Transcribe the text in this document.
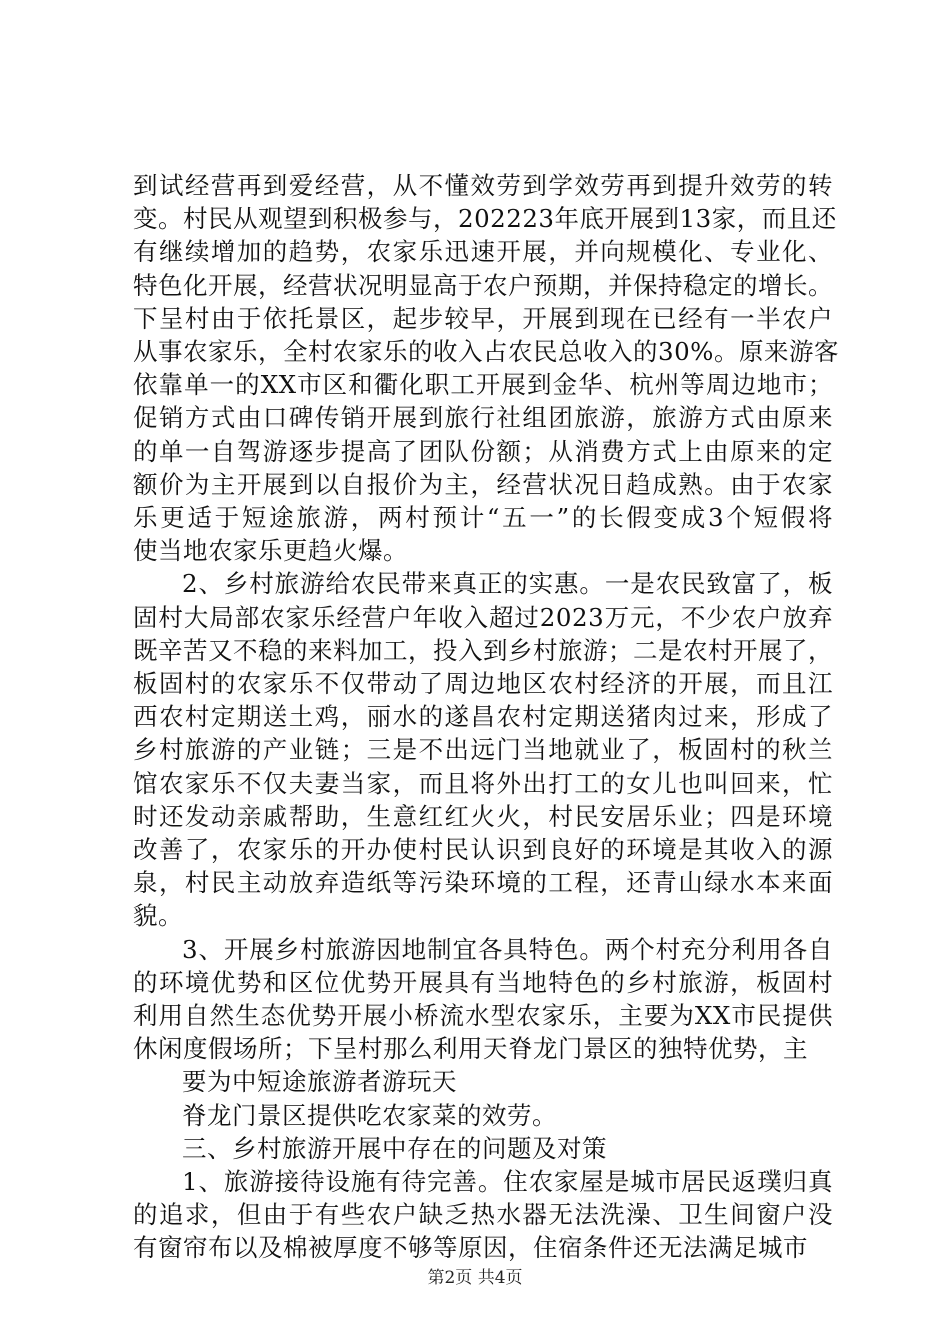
到试经营再到爱经营，从不懂效劳到学效劳再到提升效劳的转
变。村民从观望到积极参与，202223年底开展到13家，而且还
有继续增加的趋势，农家乐迅速开展，并向规模化、专业化、
特色化开展，经营状况明显高于农户预期，并保持稳定的增长。
下呈村由于依托景区，起步较早，开展到现在已经有一半农户
从事农家乐，全村农家乐的收入占农民总收入的30%。原来游客
依靠单一的XX市区和衢化职工开展到金华、杭州等周边地市；
促销方式由口碑传销开展到旅行社组团旅游，旅游方式由原来
的单一自驾游逐步提高了团队份额；从消费方式上由原来的定
额价为主开展到以自报价为主，经营状况日趋成熟。由于农家
乐更适于短途旅游，两村预计“五一”的长假变成3个短假将
使当地农家乐更趋火爆。
2、乡村旅游给农民带来真正的实惠。一是农民致富了，板
固村大局部农家乐经营户年收入超过2023万元，不少农户放弃
既辛苦又不稳的来料加工，投入到乡村旅游；二是农村开展了，
板固村的农家乐不仅带动了周边地区农村经济的开展，而且江
西农村定期送土鸡，丽水的遂昌农村定期送猪肉过来，形成了
乡村旅游的产业链；三是不出远门当地就业了，板固村的秋兰
馆农家乐不仅夫妻当家，而且将外出打工的女儿也叫回来，忙
时还发动亲戚帮助，生意红红火火，村民安居乐业；四是环境
改善了，农家乐的开办使村民认识到良好的环境是其收入的源
泉，村民主动放弃造纸等污染环境的工程，还青山绿水本来面
貌。
3、开展乡村旅游因地制宜各具特色。两个村充分利用各自
的环境优势和区位优势开展具有当地特色的乡村旅游，板固村
利用自然生态优势开展小桥流水型农家乐，主要为XX市民提供
休闲度假场所；下呈村那么利用天脊龙门景区的独特优势，主
要为中短途旅游者游玩天
脊龙门景区提供吃农家菜的效劳。
三、乡村旅游开展中存在的问题及对策
1、旅游接待设施有待完善。住农家屋是城市居民返璞归真
的追求，但由于有些农户缺乏热水器无法洗澡、卫生间窗户没
有窗帘布以及棉被厚度不够等原因，住宿条件还无法满足城市
第2页 共4页
